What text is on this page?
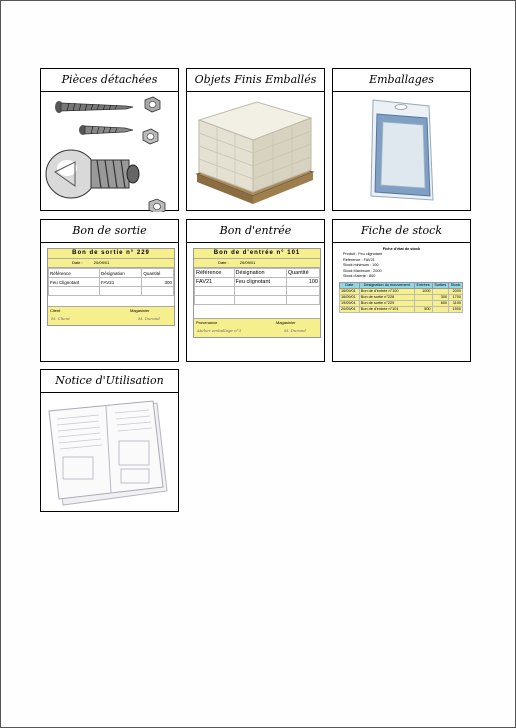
Pièces détachées	Objets Finis Emballés	Emballages
Bon de sortie
Bon de sortie n° 229
Date :	20/09/01
Référence	Désignation	Quantité
Feu Clignotant	FAV21	300

Client	Magasinier
M. Client	M. Durand
Bon d'entrée
Bon de d'entrée n° 101
Date :	20/09/01
Référence	Désignation	Quantité
FAV21	Feu clignotant	100

Provenance	Magasinier
Atelier emballage n°3	M. Durand
Fiche de stock
Fiche d'état de stock
Produit : Feu clignotant
Référence : FAV21
Stock minimum : 100
Stock Maximum : 2000
Stock d'alerte : 800
Date	Désignation du mouvement	Entrées	Sorties	Stock
16/09/01	Bon de d'entrée n°100	1000		2000
16/09/01	Bon de sortie n°228		300	1700
19/09/01	Bon de sortie n°229		600	1100
20/09/01	Bon de d'entrée n°101	500		1500
Notice d'Utilisation
